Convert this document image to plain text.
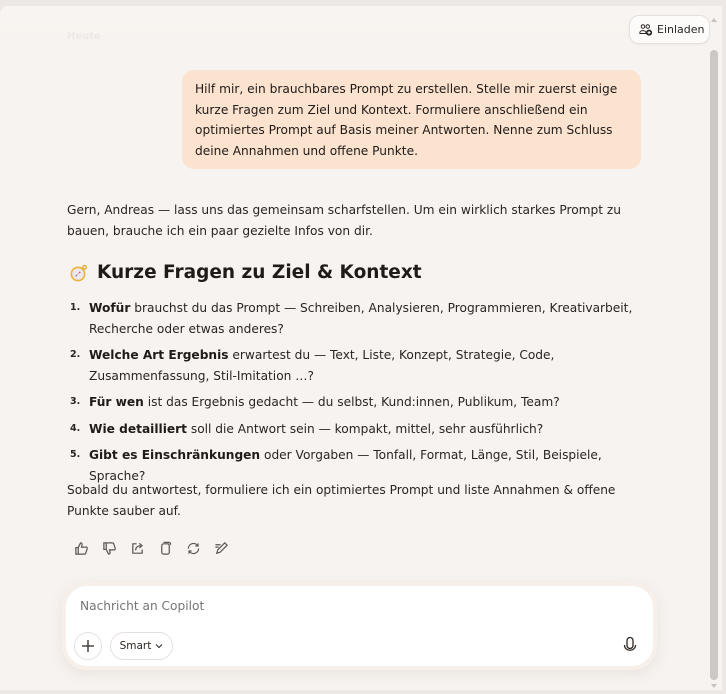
Heute
Einladen
Hilf mir, ein brauchbares Prompt zu erstellen. Stelle mir zuerst einige kurze Fragen zum Ziel und Kontext. Formuliere anschließend ein optimiertes Prompt auf Basis meiner Antworten. Nenne zum Schluss deine Annahmen und offene Punkte.
Gern, Andreas — lass uns das gemeinsam scharfstellen. Um ein wirklich starkes Prompt zu bauen, brauche ich ein paar gezielte Infos von dir.
Kurze Fragen zu Ziel & Kontext
1. Wofür brauchst du das Prompt — Schreiben, Analysieren, Programmieren, Kreativarbeit, Recherche oder etwas anderes?
2. Welche Art Ergebnis erwartest du — Text, Liste, Konzept, Strategie, Code, Zusammenfassung, Stil-Imitation …?
3. Für wen ist das Ergebnis gedacht — du selbst, Kund:innen, Publikum, Team?
4. Wie detailliert soll die Antwort sein — kompakt, mittel, sehr ausführlich?
5. Gibt es Einschränkungen oder Vorgaben — Tonfall, Format, Länge, Stil, Beispiele, Sprache?
Sobald du antwortest, formuliere ich ein optimiertes Prompt und liste Annahmen & offene Punkte sauber auf.
Nachricht an Copilot
Smart
